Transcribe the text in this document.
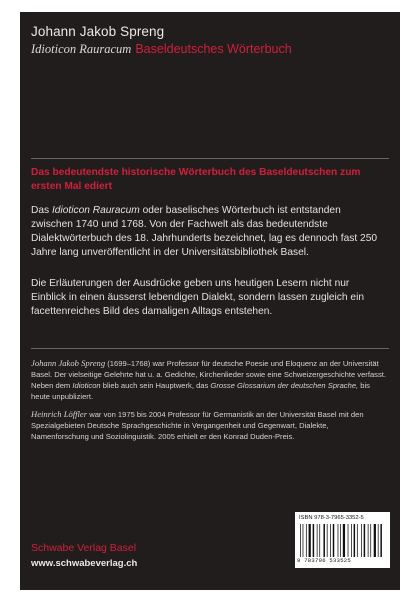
Johann Jakob Spreng
Idioticon Rauracum Baseldeutsches Wörterbuch
Das bedeutendste historische Wörterbuch des Baseldeutschen zum ersten Mal ediert
Das Idioticon Rauracum oder baselisches Wörterbuch ist entstanden zwischen 1740 und 1768. Von der Fachwelt als das bedeutendste Dialektwörterbuch des 18. Jahrhunderts bezeichnet, lag es dennoch fast 250 Jahre lang unveröffentlicht in der Universitätsbibliothek Basel.
Die Erläuterungen der Ausdrücke geben uns heutigen Lesern nicht nur Einblick in einen äusserst lebendigen Dialekt, sondern lassen zugleich ein facettenreiches Bild des damaligen Alltags entstehen.
Johann Jakob Spreng (1699–1768) war Professor für deutsche Poesie und Eloquenz an der Universität Basel. Der vielseitige Gelehrte hat u. a. Gedichte, Kirchenlieder sowie eine Schweizergeschichte verfasst. Neben dem Idioticon blieb auch sein Hauptwerk, das Grosse Glossarium der deutschen Sprache, bis heute unpubliziert.
Heinrich Löffler war von 1975 bis 2004 Professor für Germanistik an der Universität Basel mit den Spezialgebieten Deutsche Sprachgeschichte in Vergangenheit und Gegenwart, Dialekte, Namenforschung und Soziolinguistik. 2005 erhielt er den Konrad Duden-Preis.
ISBN 978-3-7965-3352-5
9 783796 533525
Schwabe Verlag Basel
www.schwabeverlag.ch
